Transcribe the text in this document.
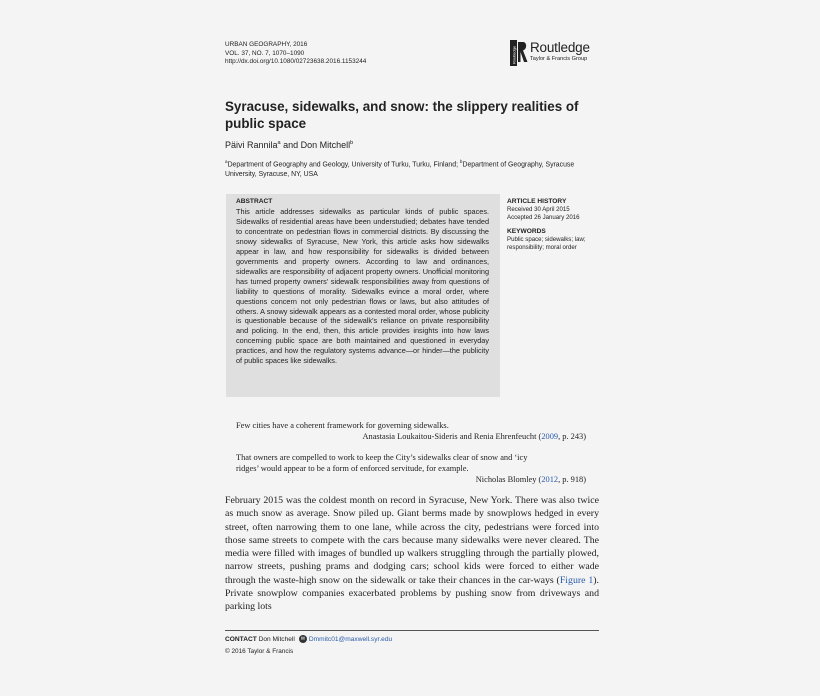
URBAN GEOGRAPHY, 2016
VOL. 37, NO. 7, 1070–1090
http://dx.doi.org/10.1080/02723638.2016.1153244	Routledge Routledge
Taylor & Francis Group
Syracuse, sidewalks, and snow: the slippery realities of public space
Päivi Rannila$^a$ and Don Mitchell$^b$
$^a$Department of Geography and Geology, University of Turku, Turku, Finland; $^b$Department of Geography, Syracuse University, Syracuse, NY, USA
ABSTRACT
This article addresses sidewalks as particular kinds of public spaces. Sidewalks of residential areas have been understudied; debates have tended to concentrate on pedestrian flows in commercial districts. By discussing the snowy sidewalks of Syracuse, New York, this article asks how sidewalks appear in law, and how responsibility for sidewalks is divided between governments and property owners. According to law and ordinances, sidewalks are responsibility of adjacent property owners. Unofficial monitoring has turned property owners’ sidewalk responsibilities away from questions of liability to questions of morality. Sidewalks evince a moral order, where questions concern not only pedestrian flows or laws, but also attitudes of others. A snowy sidewalk appears as a contested moral order, whose publicity is questionable because of the sidewalk’s reliance on private responsibility and policing. In the end, then, this article provides insights into how laws concerning public space are both maintained and questioned in everyday practices, and how the regulatory systems advance—or hinder—the publicity of public spaces like sidewalks.
ARTICLE HISTORY
Received 30 April 2015
Accepted 26 January 2016
KEYWORDS
Public space; sidewalks; law; responsibility; moral order
Few cities have a coherent framework for governing sidewalks.
Anastasia Loukaitou-Sideris and Renia Ehrenfeucht (2009, p. 243)
That owners are compelled to work to keep the City’s sidewalks clear of snow and ‘icy
ridges’ would appear to be a form of enforced servitude, for example.
Nicholas Blomley (2012, p. 918)
February 2015 was the coldest month on record in Syracuse, New York. There was also twice as much snow as average. Snow piled up. Giant berms made by snowplows hedged in every street, often narrowing them to one lane, while across the city, pedestrians were forced into those same streets to compete with the cars because many sidewalks were never cleared. The media were filled with images of bundled up walkers struggling through the partially plowed, narrow streets, pushing prams and dodging cars; school kids were forced to either wade through the waste-high snow on the sidewalk or take their chances in the car-ways (Figure 1). Private snowplow companies exacerbated problems by pushing snow from driveways and parking lots
CONTACT Don Mitchell ✉ Dmmitc01@maxwell.syr.edu
© 2016 Taylor & Francis
